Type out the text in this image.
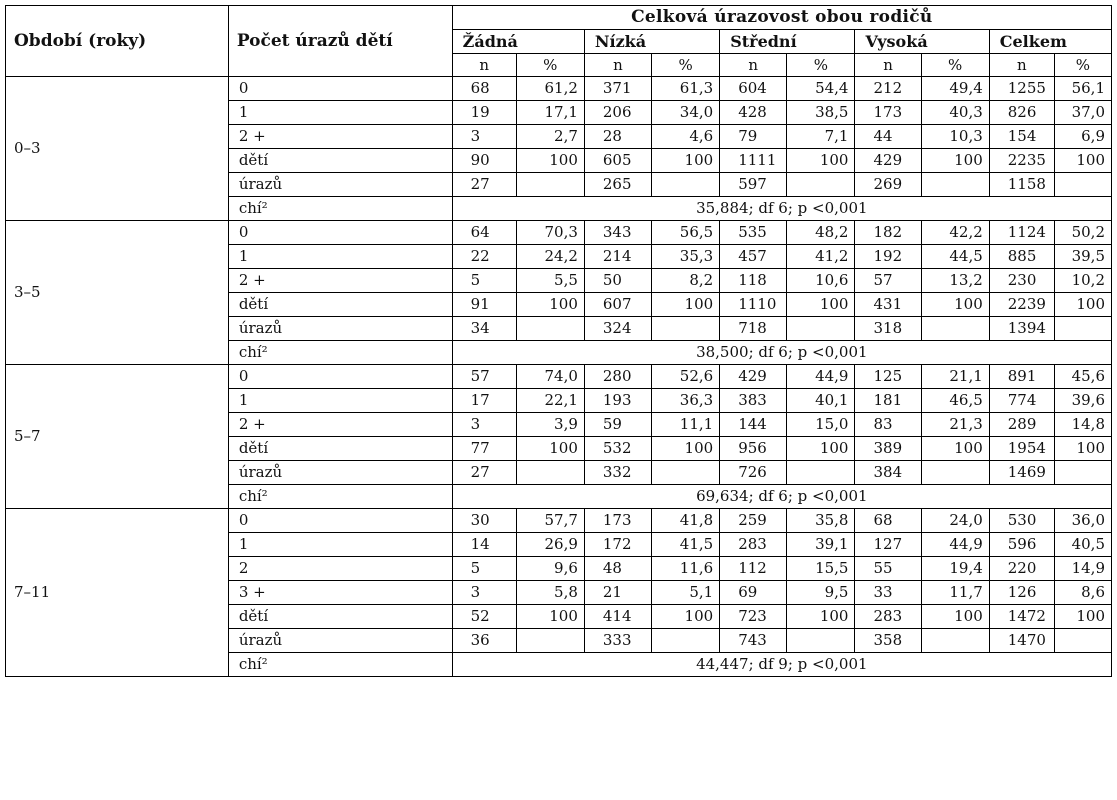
Období (roky)	Počet úrazů dětí	Celková úrazovost obou rodičů									
		Žádná		Nízká		Střední		Vysoká		Celkem	
		n	%	n	%	n	%	n	%	n	%
0–3	0	68	61,2	371	61,3	604	54,4	212	49,4	1255	56,1
	1	19	17,1	206	34,0	428	38,5	173	40,3	826	37,0
	2 +	3	2,7	28	4,6	79	7,1	44	10,3	154	6,9
	dětí	90	100	605	100	1111	100	429	100	2235	100
	úrazů	27		265		597		269		1158	
	chí²	35,884; df 6; p <0,001									
3–5	0	64	70,3	343	56,5	535	48,2	182	42,2	1124	50,2
	1	22	24,2	214	35,3	457	41,2	192	44,5	885	39,5
	2 +	5	5,5	50	8,2	118	10,6	57	13,2	230	10,2
	dětí	91	100	607	100	1110	100	431	100	2239	100
	úrazů	34		324		718		318		1394	
	chí²	38,500; df 6; p <0,001									
5–7	0	57	74,0	280	52,6	429	44,9	125	21,1	891	45,6
	1	17	22,1	193	36,3	383	40,1	181	46,5	774	39,6
	2 +	3	3,9	59	11,1	144	15,0	83	21,3	289	14,8
	dětí	77	100	532	100	956	100	389	100	1954	100
	úrazů	27		332		726		384		1469	
	chí²	69,634; df 6; p <0,001									
7–11	0	30	57,7	173	41,8	259	35,8	68	24,0	530	36,0
	1	14	26,9	172	41,5	283	39,1	127	44,9	596	40,5
	2	5	9,6	48	11,6	112	15,5	55	19,4	220	14,9
	3 +	3	5,8	21	5,1	69	9,5	33	11,7	126	8,6
	dětí	52	100	414	100	723	100	283	100	1472	100
	úrazů	36		333		743		358		1470	
	chí²	44,447; df 9; p <0,001									
